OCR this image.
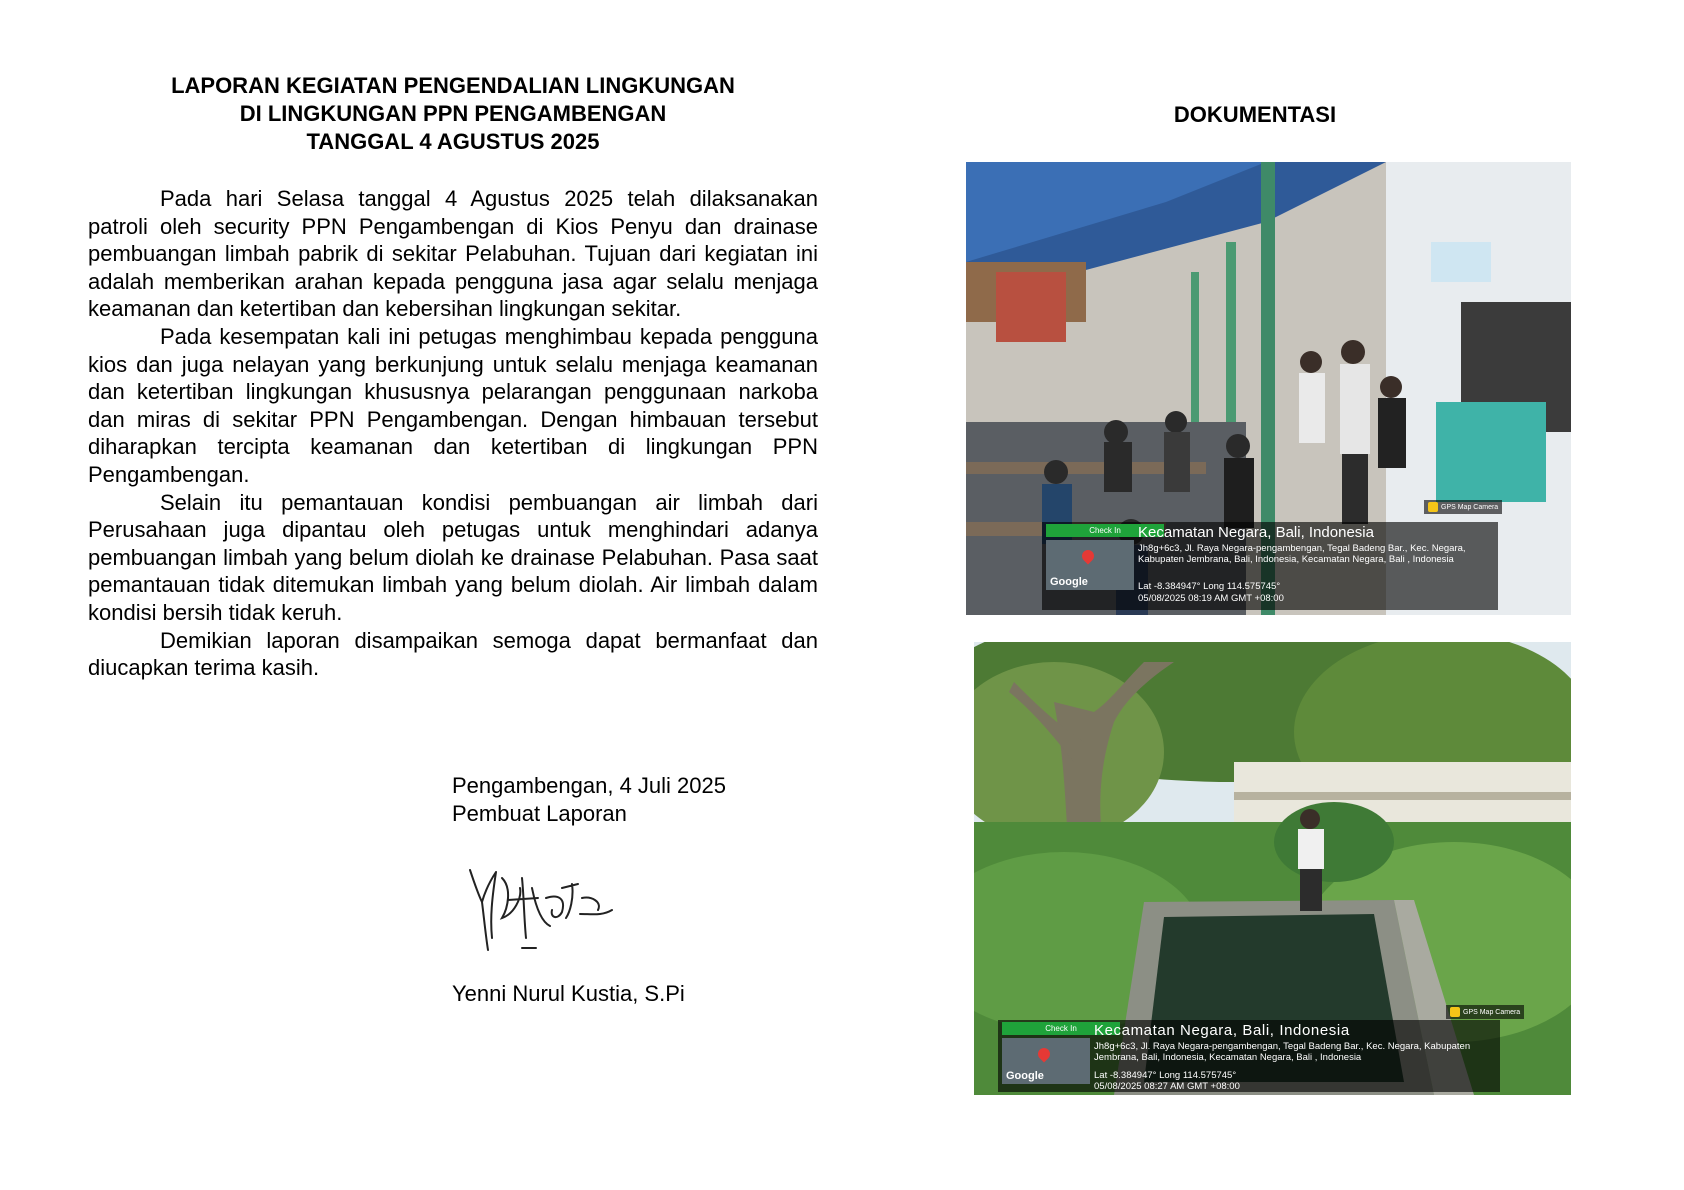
LAPORAN KEGIATAN PENGENDALIAN LINGKUNGAN
DI LINGKUNGAN PPN PENGAMBENGAN
TANGGAL 4 AGUSTUS 2025

Pada hari Selasa tanggal 4 Agustus 2025 telah dilaksanakan patroli oleh security PPN Pengambengan di Kios Penyu dan drainase pembuangan limbah pabrik di sekitar Pelabuhan. Tujuan dari kegiatan ini adalah memberikan arahan kepada pengguna jasa agar selalu menjaga keamanan dan ketertiban dan kebersihan lingkungan sekitar.

Pada kesempatan kali ini petugas menghimbau kepada pengguna kios dan juga nelayan yang berkunjung untuk selalu menjaga keamanan dan ketertiban lingkungan khususnya pelarangan penggunaan narkoba dan miras di sekitar PPN Pengambengan. Dengan himbauan tersebut diharapkan tercipta keamanan dan ketertiban di lingkungan PPN Pengambengan.

Selain itu pemantauan kondisi pembuangan air limbah dari Perusahaan juga dipantau oleh petugas untuk menghindari adanya pembuangan limbah yang belum diolah ke drainase Pelabuhan. Pasa saat pemantauan tidak ditemukan limbah yang belum diolah. Air limbah dalam kondisi bersih tidak keruh.

Demikian laporan disampaikan semoga dapat bermanfaat dan diucapkan terima kasih.

Pengambengan, 4 Juli 2025
Pembuat Laporan
Yenni Nurul Kustia, S.Pi
DOKUMENTASI
GPS Map Camera
Check In
Google
Kecamatan Negara, Bali, Indonesia
Jh8g+6c3, Jl. Raya Negara-pengambengan, Tegal Badeng Bar., Kec. Negara, Kabupaten Jembrana, Bali, Indonesia, Kecamatan Negara, Bali , Indonesia
Lat -8.384947° Long 114.575745°
05/08/2025 08:19 AM GMT +08:00
GPS Map Camera
Check In
Google
Kecamatan Negara, Bali, Indonesia
Jh8g+6c3, Jl. Raya Negara-pengambengan, Tegal Badeng Bar., Kec. Negara, Kabupaten Jembrana, Bali, Indonesia, Kecamatan Negara, Bali , Indonesia
Lat -8.384947° Long 114.575745°
05/08/2025 08:27 AM GMT +08:00
